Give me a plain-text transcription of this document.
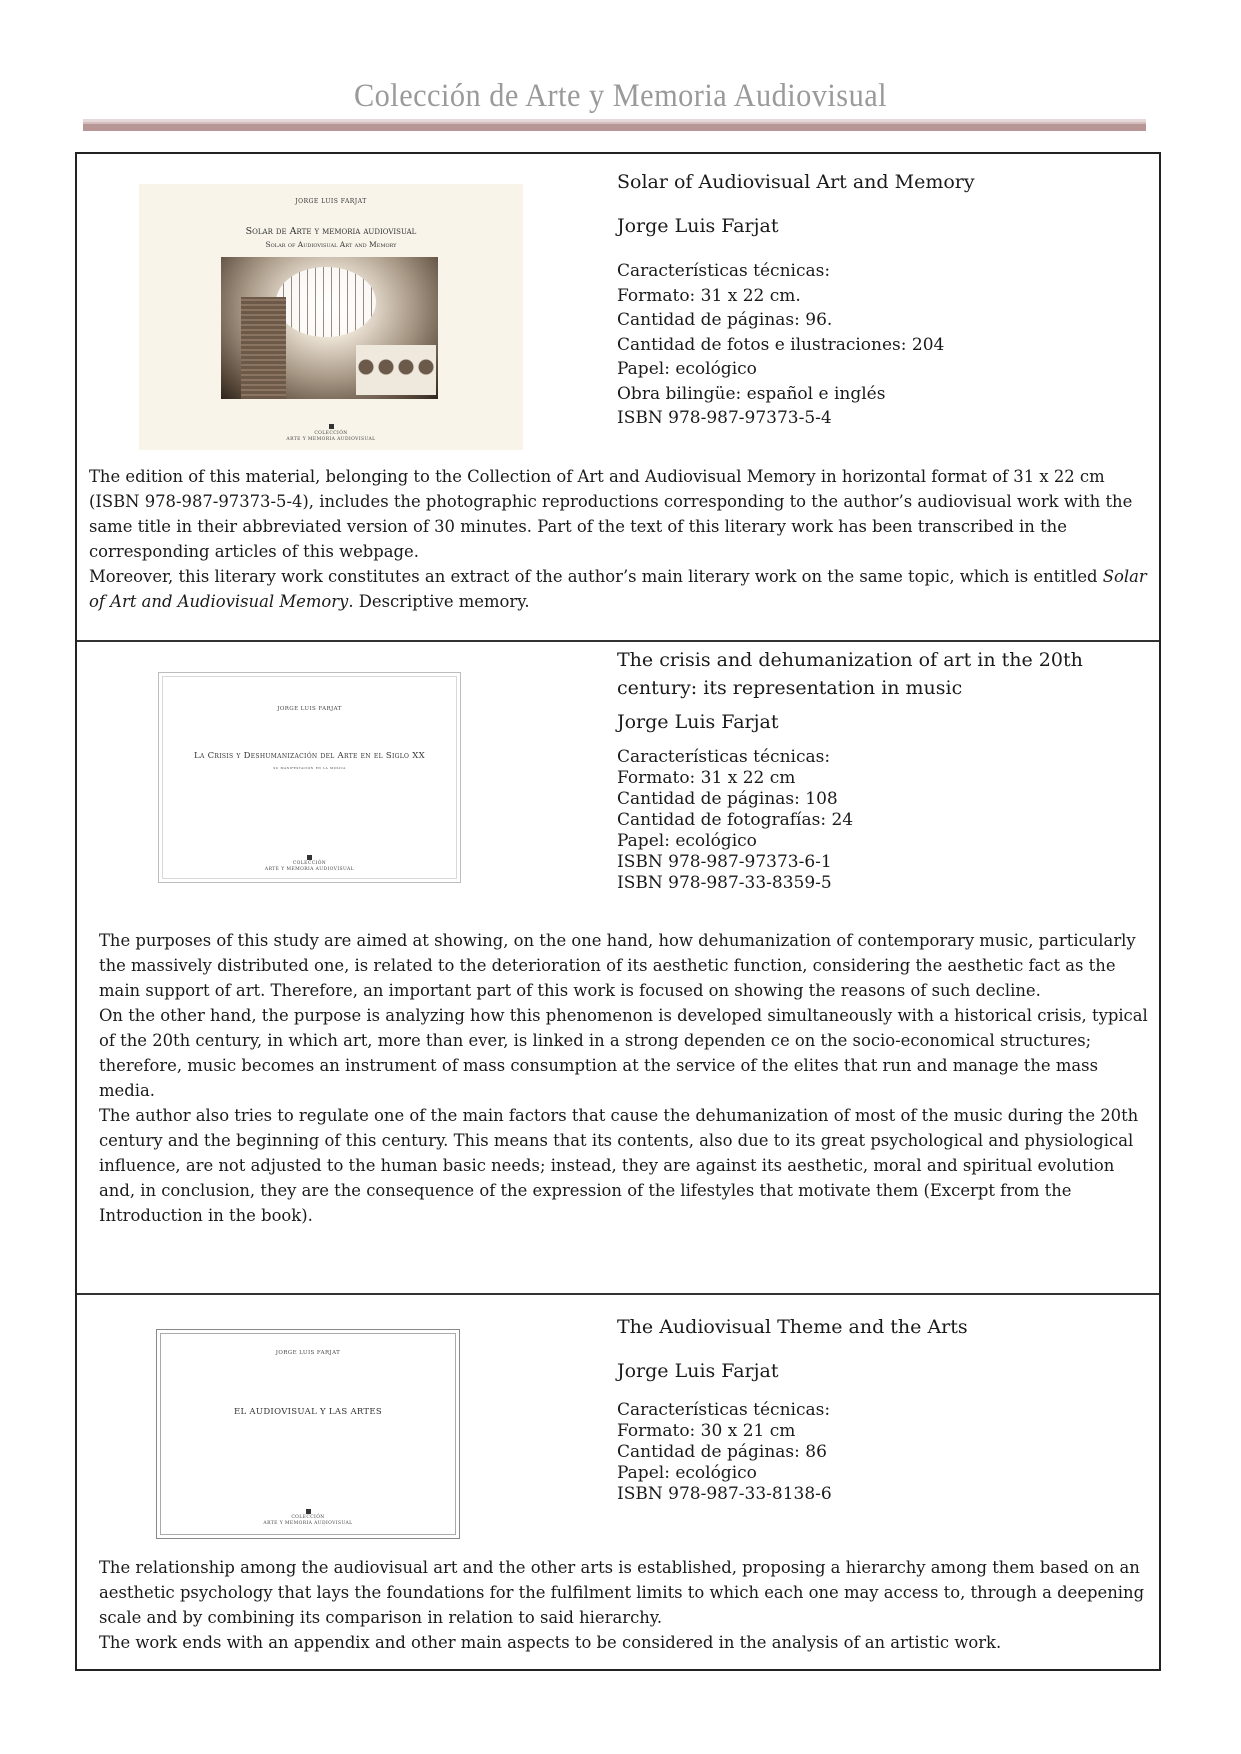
Colección de Arte y Memoria Audiovisual
JORGE LUIS FARJAT
Solar de Arte y memoria audiovisual
Solar of Audiovisual Art and Memory
COLECCIÓN
ARTE Y MEMORIA AUDIOVISUAL
Solar of Audiovisual Art and Memory
Jorge Luis Farjat
Características técnicas:
Formato: 31 x 22 cm.
Cantidad de páginas: 96.
Cantidad de fotos e ilustraciones: 204
Papel: ecológico
Obra bilingüe: español e inglés
ISBN 978-987-97373-5-4

The edition of this material, belonging to the Collection of Art and Audiovisual Memory in horizontal format of 31 x 22 cm (ISBN 978-987-97373-5-4), includes the photographic reproductions corresponding to the author’s audiovisual work with the same title in their abbreviated version of 30 minutes. Part of the text of this literary work has been transcribed in the corresponding articles of this webpage.

Moreover, this literary work constitutes an extract of the author’s main literary work on the same topic, which is entitled Solar of Art and Audiovisual Memory. Descriptive memory.

JORGE LUIS FARJAT
La Crisis y Deshumanización del Arte en el Siglo XX
su manifestación en la música
COLECCIÓN
ARTE Y MEMORIA AUDIOVISUAL
The crisis and dehumanization of art in the 20th century: its representation in music
Jorge Luis Farjat
Características técnicas:
Formato: 31 x 22 cm
Cantidad de páginas: 108
Cantidad de fotografías: 24
Papel: ecológico
ISBN 978-987-97373-6-1
ISBN 978-987-33-8359-5

The purposes of this study are aimed at showing, on the one hand, how dehumanization of contemporary music, particularly the massively distributed one, is related to the deterioration of its aesthetic function, considering the aesthetic fact as the main support of art. Therefore, an important part of this work is focused on showing the reasons of such decline.

On the other hand, the purpose is analyzing how this phenomenon is developed simultaneously with a historical crisis, typical of the 20th century, in which art, more than ever, is linked in a strong dependen ce on the socio-economical structures; therefore, music becomes an instrument of mass consumption at the service of the elites that run and manage the mass media.

The author also tries to regulate one of the main factors that cause the dehumanization of most of the music during the 20th century and the beginning of this century. This means that its contents, also due to its great psychological and physiological influence, are not adjusted to the human basic needs; instead, they are against its aesthetic, moral and spiritual evolution and, in conclusion, they are the consequence of the expression of the lifestyles that motivate them (Excerpt from the Introduction in the book).

JORGE LUIS FARJAT
EL AUDIOVISUAL Y LAS ARTES
COLECCIÓN
ARTE Y MEMORIA AUDIOVISUAL
The Audiovisual Theme and the Arts
Jorge Luis Farjat
Características técnicas:
Formato: 30 x 21 cm
Cantidad de páginas: 86
Papel: ecológico
ISBN 978-987-33-8138-6

The relationship among the audiovisual art and the other arts is established, proposing a hierarchy among them based on an aesthetic psychology that lays the foundations for the fulfilment limits to which each one may access to, through a deepening scale and by combining its comparison in relation to said hierarchy.

The work ends with an appendix and other main aspects to be considered in the analysis of an artistic work.
